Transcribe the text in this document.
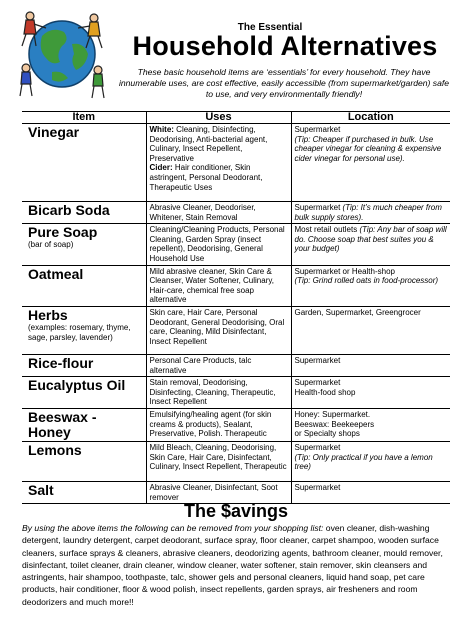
The Essential
Household Alternatives
These basic household items are ‘essentials’ for every household. They have innumerable uses, are cost effective, easily accessible (from supermarket/garden) safe to use, and very environmentally friendly!
Item	Uses	Location

Vinegar	White: Cleaning, Disinfecting, Deodorising, Anti-bacterial agent, Culinary, Insect Repellent, Preservative
Cider: Hair conditioner, Skin astringent, Personal Deodorant, Therapeutic Uses	Supermarket
(Tip: Cheaper if purchased in bulk. Use cheaper vinegar for cleaning & expensive cider vinegar for personal use).

Bicarb Soda	Abrasive Cleaner, Deodoriser, Whitener, Stain Removal	Supermarket (Tip: It’s much cheaper from bulk supply stores).

Pure Soap
(bar of soap)	Cleaning/Cleaning Products, Personal Cleaning, Garden Spray (insect repellent), Deodorising, General Household Use	Most retail outlets (Tip: Any bar of soap will do. Choose soap that best suites you & your budget)

Oatmeal	Mild abrasive cleaner, Skin Care & Cleanser, Water Softener, Culinary, Hair-care, chemical free soap alternative	Supermarket or Health-shop
(Tip: Grind rolled oats in food-processor)

Herbs
(examples: rosemary, thyme, sage, parsley, lavender)	Skin care, Hair Care, Personal Deodorant, General Deodorising, Oral care, Cleaning, Mild Disinfectant, Insect Repellent	Garden, Supermarket, Greengrocer

Rice-flour	Personal Care Products, talc alternative	Supermarket

Eucalyptus Oil	Stain removal, Deodorising, Disinfecting, Cleaning, Therapeutic, Insect Repellent	Supermarket
Health-food shop

Beeswax - Honey	Emulsifying/healing agent (for skin creams & products), Sealant, Preservative, Polish. Therapeutic	Honey: Supermarket.
Beeswax: Beekeepers
or Specialty shops

Lemons	Mild Bleach, Cleaning, Deodorising, Skin Care, Hair Care, Disinfectant, Culinary, Insect Repellent, Therapeutic	Supermarket
(Tip: Only practical if you have a lemon tree)

Salt	Abrasive Cleaner, Disinfectant, Soot remover	Supermarket
The $avings
By using the above items the following can be removed from your shopping list: oven cleaner, dish-washing detergent, laundry detergent, carpet deodorant, surface spray, floor cleaner, carpet shampoo, wooden surface cleaners, surface sprays & cleaners, abrasive cleaners, deodorizing agents, bathroom cleaner, mould remover, disinfectant, toilet cleaner, drain cleaner, window cleaner, water softener, stain remover, skin cleansers and astringents, hair shampoo, toothpaste, talc, shower gels and personal cleaners, liquid hand soap, pet care products, hair conditioner, floor & wood polish, insect repellents, garden sprays, air fresheners and room deodorizers and much more!!
